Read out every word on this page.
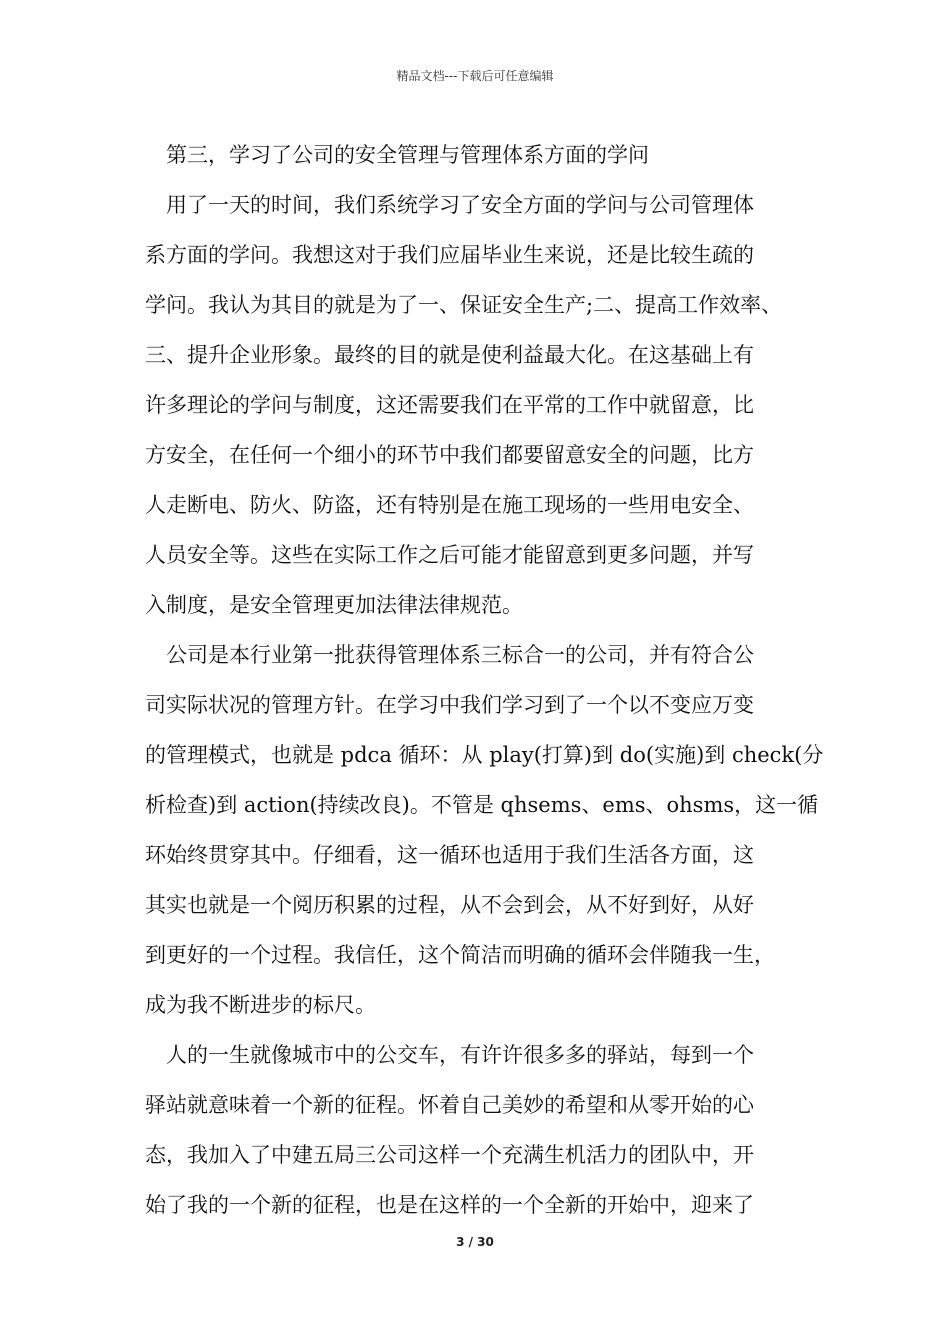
精品文档---下载后可任意编辑
第三，学习了公司的安全管理与管理体系方面的学问
用了一天的时间，我们系统学习了安全方面的学问与公司管理体
系方面的学问。我想这对于我们应届毕业生来说，还是比较生疏的
学问。我认为其目的就是为了一、保证安全生产;二、提高工作效率、
三、提升企业形象。最终的目的就是使利益最大化。在这基础上有
许多理论的学问与制度，这还需要我们在平常的工作中就留意，比
方安全，在任何一个细小的环节中我们都要留意安全的问题，比方
人走断电、防火、防盗，还有特别是在施工现场的一些用电安全、
人员安全等。这些在实际工作之后可能才能留意到更多问题，并写
入制度，是安全管理更加法律法律规范。
公司是本行业第一批获得管理体系三标合一的公司，并有符合公
司实际状况的管理方针。在学习中我们学习到了一个以不变应万变
的管理模式，也就是 pdca 循环：从 play(打算)到 do(实施)到 check(分
析检查)到 action(持续改良)。不管是 qhsems、ems、ohsms，这一循
环始终贯穿其中。仔细看，这一循环也适用于我们生活各方面，这
其实也就是一个阅历积累的过程，从不会到会，从不好到好，从好
到更好的一个过程。我信任，这个简洁而明确的循环会伴随我一生，
成为我不断进步的标尺。
人的一生就像城市中的公交车，有许许很多多的驿站，每到一个
驿站就意味着一个新的征程。怀着自己美妙的希望和从零开始的心
态，我加入了中建五局三公司这样一个充满生机活力的团队中，开
始了我的一个新的征程，也是在这样的一个全新的开始中，迎来了
3 / 30
